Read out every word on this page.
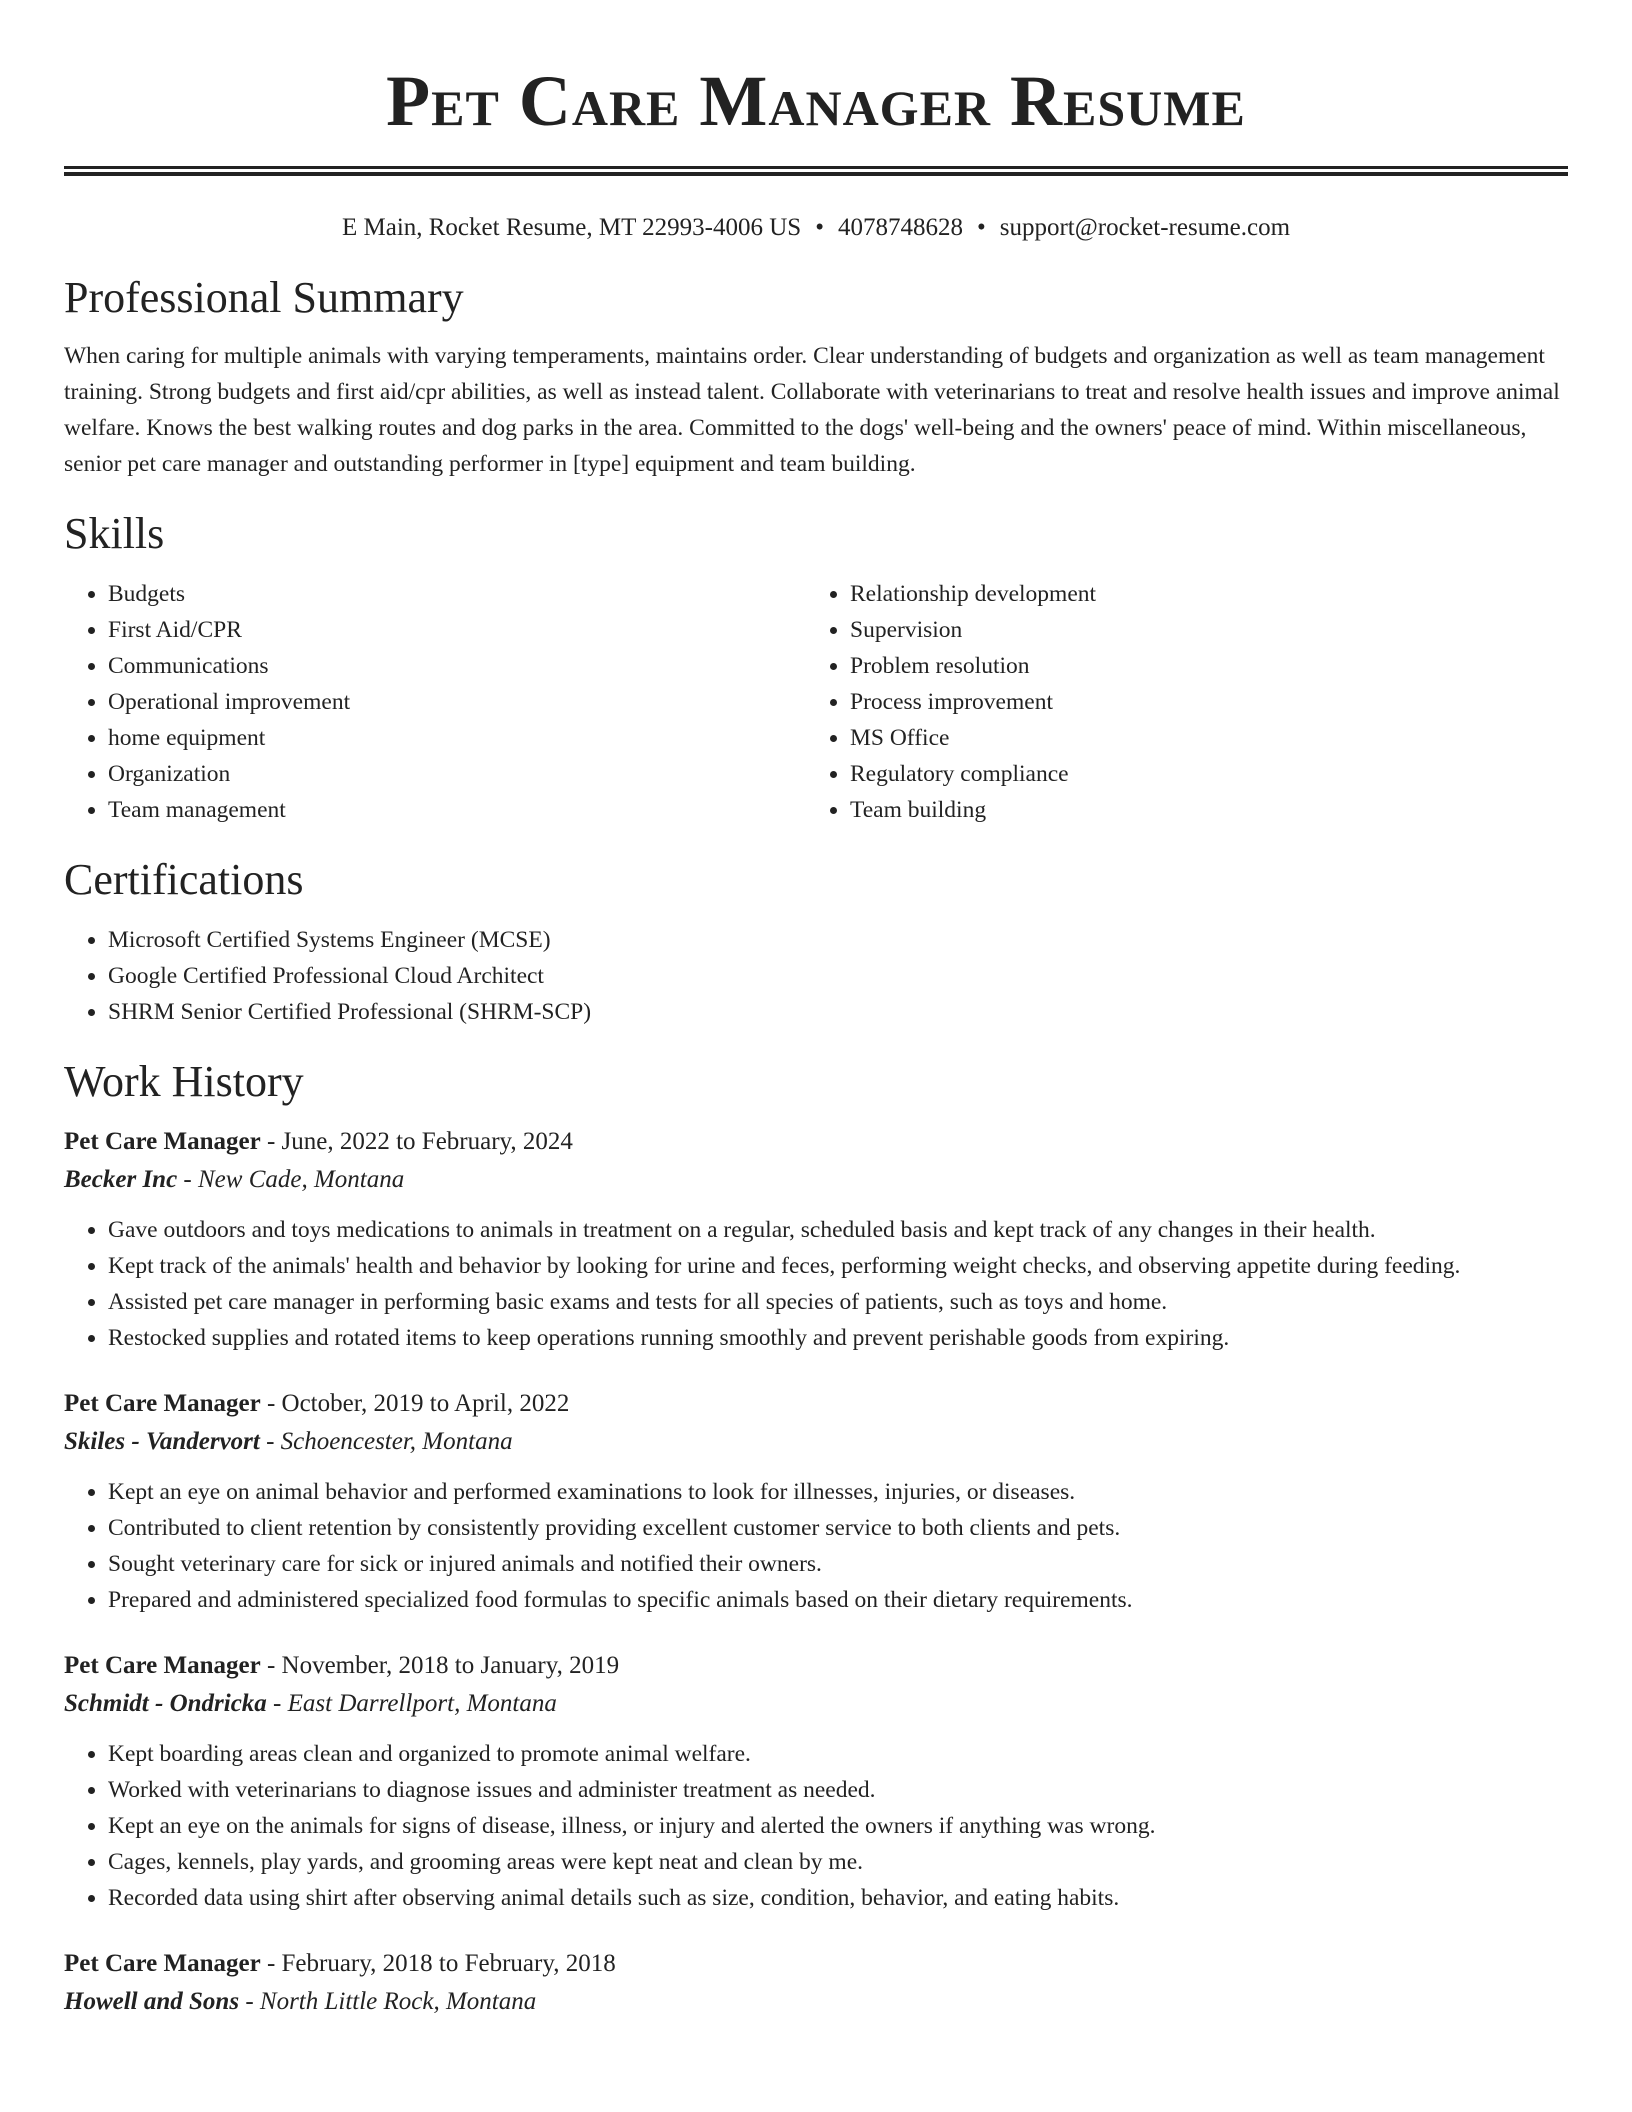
Pet Care Manager Resume
E Main, Rocket Resume, MT 22993-4006 US • 4078748628 • support@rocket-resume.com
Professional Summary

When caring for multiple animals with varying temperaments, maintains order. Clear understanding of budgets and organization as well as team management training. Strong budgets and first aid/cpr abilities, as well as instead talent. Collaborate with veterinarians to treat and resolve health issues and improve animal welfare. Knows the best walking routes and dog parks in the area. Committed to the dogs' well-being and the owners' peace of mind. Within miscellaneous, senior pet care manager and outstanding performer in [type] equipment and team building.

Skills
• Budgets
• First Aid/CPR
• Communications
• Operational improvement
• home equipment
• Organization
• Team management
• Relationship development
• Supervision
• Problem resolution
• Process improvement
• MS Office
• Regulatory compliance
• Team building
Certifications
• Microsoft Certified Systems Engineer (MCSE)
• Google Certified Professional Cloud Architect
• SHRM Senior Certified Professional (SHRM-SCP)
Work History
Pet Care Manager - June, 2022 to February, 2024
Becker Inc - New Cade, Montana
• Gave outdoors and toys medications to animals in treatment on a regular, scheduled basis and kept track of any changes in their health.
• Kept track of the animals' health and behavior by looking for urine and feces, performing weight checks, and observing appetite during feeding.
• Assisted pet care manager in performing basic exams and tests for all species of patients, such as toys and home.
• Restocked supplies and rotated items to keep operations running smoothly and prevent perishable goods from expiring.
Pet Care Manager - October, 2019 to April, 2022
Skiles - Vandervort - Schoencester, Montana
• Kept an eye on animal behavior and performed examinations to look for illnesses, injuries, or diseases.
• Contributed to client retention by consistently providing excellent customer service to both clients and pets.
• Sought veterinary care for sick or injured animals and notified their owners.
• Prepared and administered specialized food formulas to specific animals based on their dietary requirements.
Pet Care Manager - November, 2018 to January, 2019
Schmidt - Ondricka - East Darrellport, Montana
• Kept boarding areas clean and organized to promote animal welfare.
• Worked with veterinarians to diagnose issues and administer treatment as needed.
• Kept an eye on the animals for signs of disease, illness, or injury and alerted the owners if anything was wrong.
• Cages, kennels, play yards, and grooming areas were kept neat and clean by me.
• Recorded data using shirt after observing animal details such as size, condition, behavior, and eating habits.
Pet Care Manager - February, 2018 to February, 2018
Howell and Sons - North Little Rock, Montana
